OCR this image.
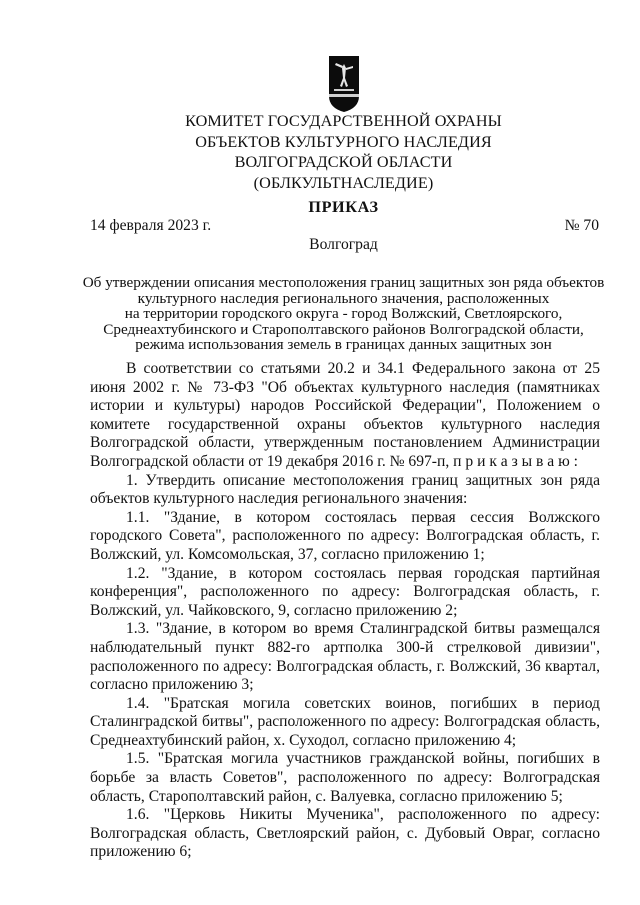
КОМИТЕТ ГОСУДАРСТВЕННОЙ ОХРАНЫ
ОБЪЕКТОВ КУЛЬТУРНОГО НАСЛЕДИЯ
ВОЛГОГРАДСКОЙ ОБЛАСТИ
(ОБЛКУЛЬТНАСЛЕДИЕ)
ПРИКАЗ
14 февраля 2023 г.	№ 70
Волгоград
Об утверждении описания местоположения границ защитных зон ряда объектов
культурного наследия регионального значения, расположенных
на территории городского округа - город Волжский, Светлоярского,
Среднеахтубинского и Старополтавского районов Волгоградской области,
режима использования земель в границах данных защитных зон

В соответствии со статьями 20.2 и 34.1 Федерального закона от 25 июня 2002 г. № 73-ФЗ "Об объектах культурного наследия (памятниках истории и культуры) народов Российской Федерации", Положением о комитете государственной охраны объектов культурного наследия Волгоградской области, утвержденным постановлением Администрации Волгоградской области от 19 декабря 2016 г. № 697-п, п р и к а з ы в а ю :

1. Утвердить описание местоположения границ защитных зон ряда объектов культурного наследия регионального значения:

1.1. "Здание, в котором состоялась первая сессия Волжского городского Совета", расположенного по адресу: Волгоградская область, г. Волжский, ул. Комсомольская, 37, согласно приложению 1;

1.2. "Здание, в котором состоялась первая городская партийная конференция", расположенного по адресу: Волгоградская область, г. Волжский, ул. Чайковского, 9, согласно приложению 2;

1.3. "Здание, в котором во время Сталинградской битвы размещался наблюдательный пункт 882-го артполка 300-й стрелковой дивизии", расположенного по адресу: Волгоградская область, г. Волжский, 36 квартал, согласно приложению 3;

1.4. "Братская могила советских воинов, погибших в период Сталинградской битвы", расположенного по адресу: Волгоградская область, Среднеахтубинский район, х. Суходол, согласно приложению 4;

1.5. "Братская могила участников гражданской войны, погибших в борьбе за власть Советов", расположенного по адресу: Волгоградская область, Старополтавский район, с. Валуевка, согласно приложению 5;

1.6. "Церковь Никиты Мученика", расположенного по адресу: Волгоградская область, Светлоярский район, с. Дубовый Овраг, согласно приложению 6;
